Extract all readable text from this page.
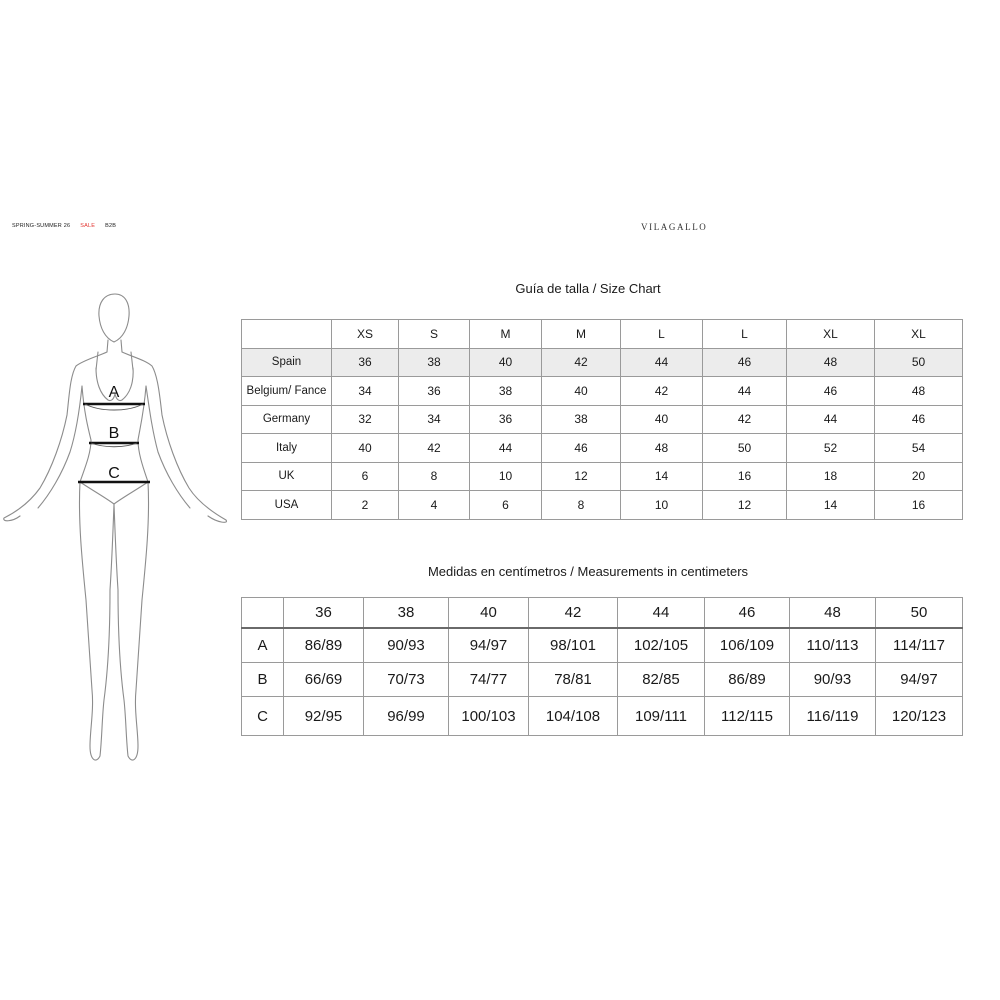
SPRING-SUMMER 26 SALE B2B	VILAGALLO
A
B
C
Guía de talla / Size Chart
	XS	S	M	M	L	L	XL	XL
Spain	36	38	40	42	44	46	48	50
Belgium/ Fance	34	36	38	40	42	44	46	48
Germany	32	34	36	38	40	42	44	46
Italy	40	42	44	46	48	50	52	54
UK	6	8	10	12	14	16	18	20
USA	2	4	6	8	10	12	14	16
Medidas en centímetros / Measurements in centimeters
	36	38	40	42	44	46	48	50
A	86/89	90/93	94/97	98/101	102/105	106/109	110/113	114/117
B	66/69	70/73	74/77	78/81	82/85	86/89	90/93	94/97
C	92/95	96/99	100/103	104/108	109/111	112/115	116/119	120/123
